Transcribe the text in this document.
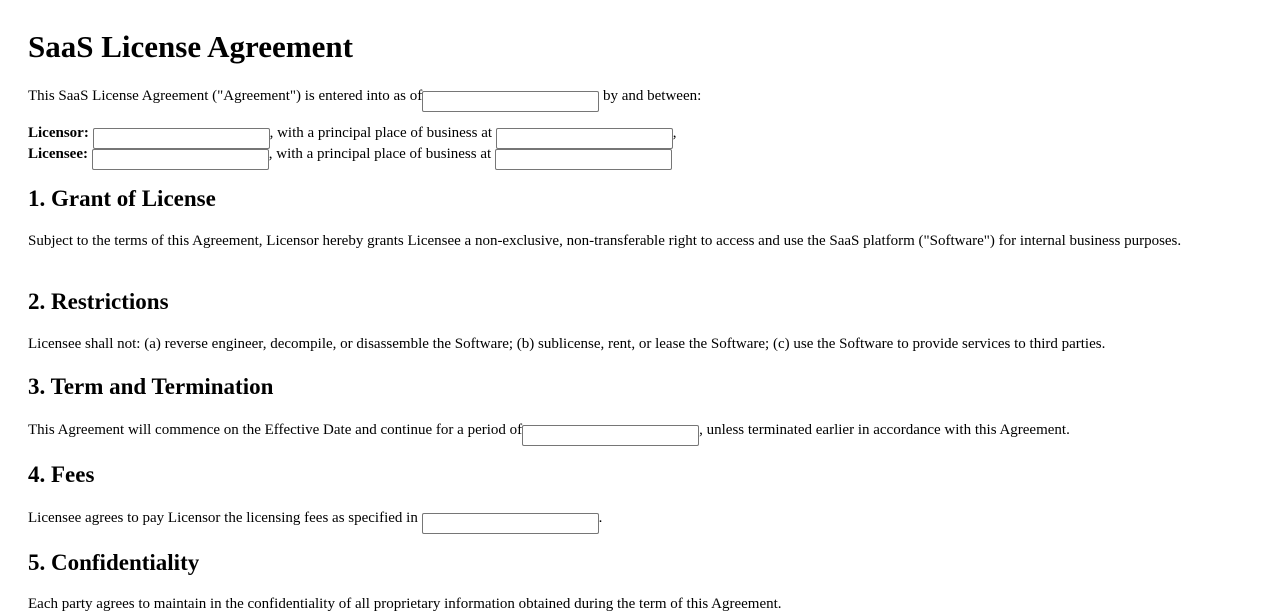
SaaS License Agreement
This SaaS License Agreement ("Agreement") is entered into as of	by and between:
Licensor:	, with a principal place of business at	,
Licensee:	, with a principal place of business at
1. Grant of License
Subject to the terms of this Agreement, Licensor hereby grants Licensee a non-exclusive, non-transferable right to access and use the SaaS platform ("Software") for internal business purposes.
2. Restrictions
Licensee shall not: (a) reverse engineer, decompile, or disassemble the Software; (b) sublicense, rent, or lease the Software; (c) use the Software to provide services to third parties.
3. Term and Termination
This Agreement will commence on the Effective Date and continue for a period of	, unless terminated earlier in accordance with this Agreement.
4. Fees
Licensee agrees to pay Licensor the licensing fees as specified in	.
5. Confidentiality
Each party agrees to maintain in the confidentiality of all proprietary information obtained during the term of this Agreement.
